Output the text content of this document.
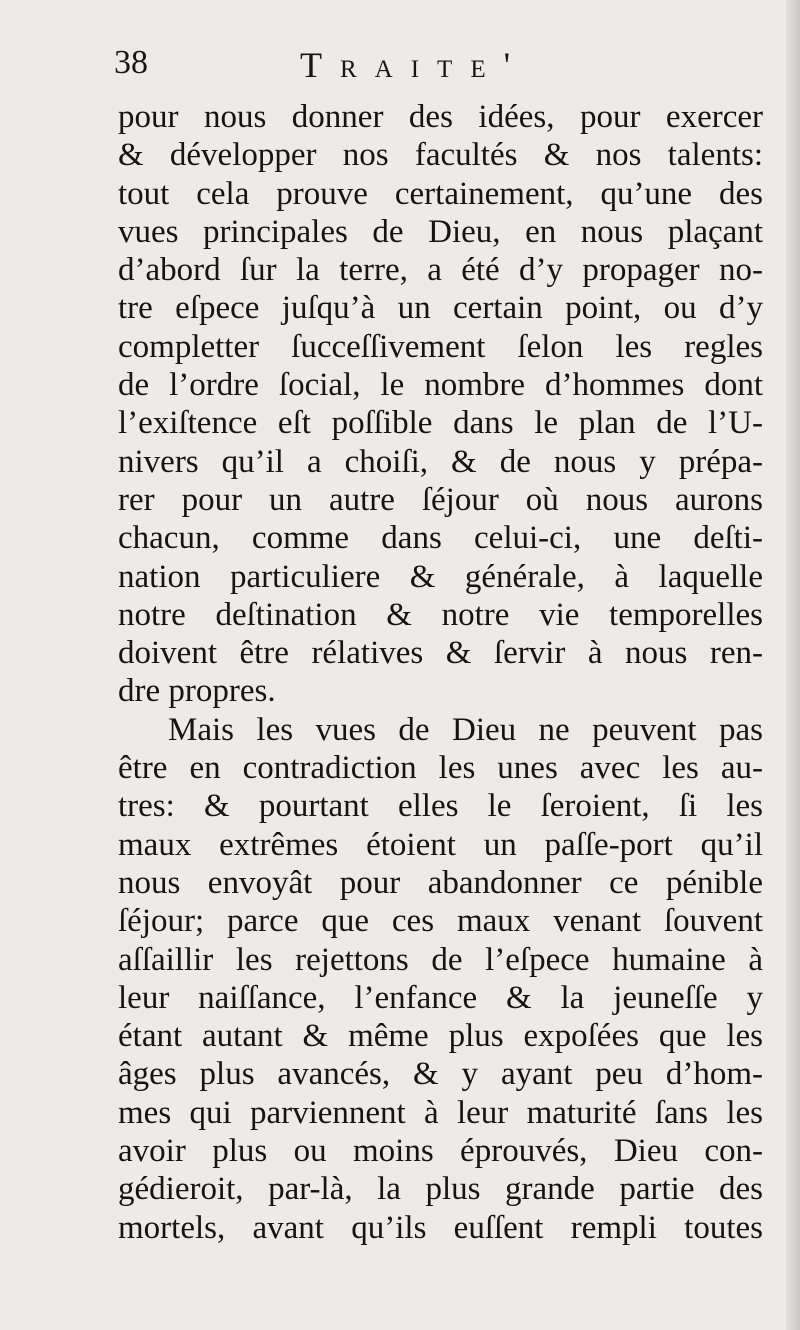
38	Traite'
pour nous donner des idées, pour exercer
& développer nos facultés & nos talents:
tout cela prouve certainement, qu’une des
vues principales de Dieu, en nous plaçant
d’abord ſur la terre, a été d’y propager no-
tre eſpece juſqu’à un certain point, ou d’y
completter ſucceſſivement ſelon les regles
de l’ordre ſocial, le nombre d’hommes dont
l’exiſtence eſt poſſible dans le plan de l’U-
nivers qu’il a choiſi, & de nous y prépa-
rer pour un autre ſéjour où nous aurons
chacun, comme dans celui-ci, une deſti-
nation particuliere & générale, à laquelle
notre deſtination & notre vie temporelles
doivent être rélatives & ſervir à nous ren-
dre propres.
Mais les vues de Dieu ne peuvent pas
être en contradiction les unes avec les au-
tres: & pourtant elles le ſeroient, ſi les
maux extrêmes étoient un paſſe-port qu’il
nous envoyât pour abandonner ce pénible
ſéjour; parce que ces maux venant ſouvent
aſſaillir les rejettons de l’eſpece humaine à
leur naiſſance, l’enfance & la jeuneſſe y
étant autant & même plus expoſées que les
âges plus avancés, & y ayant peu d’hom-
mes qui parviennent à leur maturité ſans les
avoir plus ou moins éprouvés, Dieu con-
gédieroit, par-là, la plus grande partie des
mortels, avant qu’ils euſſent rempli toutes
